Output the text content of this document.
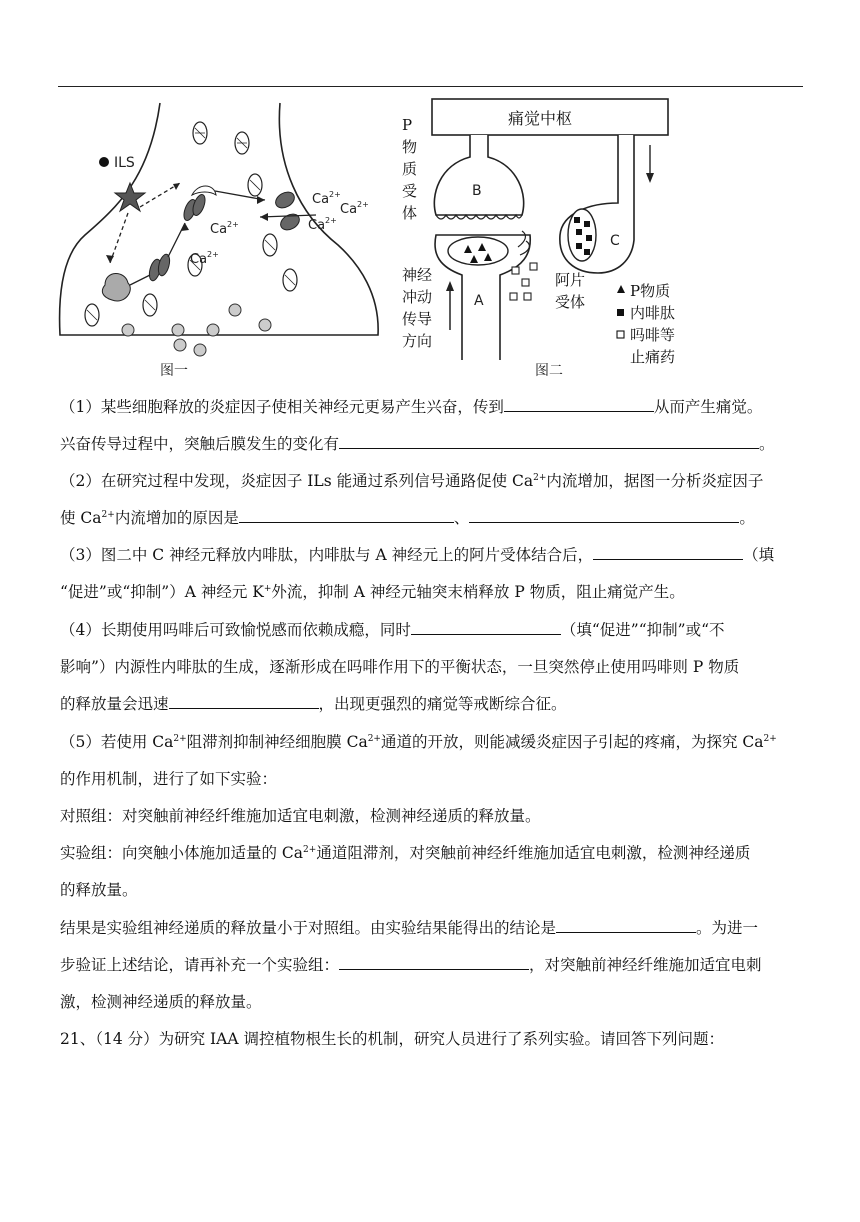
ILS
$Ca^{2+}$
$Ca^{2+}$
$Ca^{2+}$
$Ca^{2+}$
$Ca^{2+}$
图一
痛觉中枢
P
物
质
受
体
B
A
阿片
受体
神经
冲动
传导
方向
C
P物质
内啡肽
吗啡等
止痛药
图二
（1）某些细胞释放的炎症因子使相关神经元更易产生兴奋，传到	从而产生痛觉。
兴奋传导过程中，突触后膜发生的变化有	。
（2）在研究过程中发现，炎症因子 ILs 能通过系列信号通路促使 $Ca^{2+}$内流增加，据图一分析炎症因子
使 $Ca^{2+}$内流增加的原因是	、	。
（3）图二中 C 神经元释放内啡肽，内啡肽与 A 神经元上的阿片受体结合后，	（填
“促进”或“抑制”）A 神经元 K+外流，抑制 A 神经元轴突末梢释放 P 物质，阻止痛觉产生。
（4）长期使用吗啡后可致愉悦感而依赖成瘾，同时	（填“促进”“抑制”或“不
影响”）内源性内啡肽的生成，逐渐形成在吗啡作用下的平衡状态，一旦突然停止使用吗啡则 P 物质
的释放量会迅速	，出现更强烈的痛觉等戒断综合征。
（5）若使用 $Ca^{2+}$阻滞剂抑制神经细胞膜 $Ca^{2+}$通道的开放，则能减缓炎症因子引起的疼痛，为探究 $Ca^{2+}$
的作用机制，进行了如下实验：
对照组：对突触前神经纤维施加适宜电刺激，检测神经递质的释放量。
实验组：向突触小体施加适量的 $Ca^{2+}$通道阻滞剂，对突触前神经纤维施加适宜电刺激，检测神经递质
的释放量。
结果是实验组神经递质的释放量小于对照组。由实验结果能得出的结论是	。为进一
步验证上述结论，请再补充一个实验组：	，对突触前神经纤维施加适宜电刺
激，检测神经递质的释放量。
21、（14 分）为研究 IAA 调控植物根生长的机制，研究人员进行了系列实验。请回答下列问题：
